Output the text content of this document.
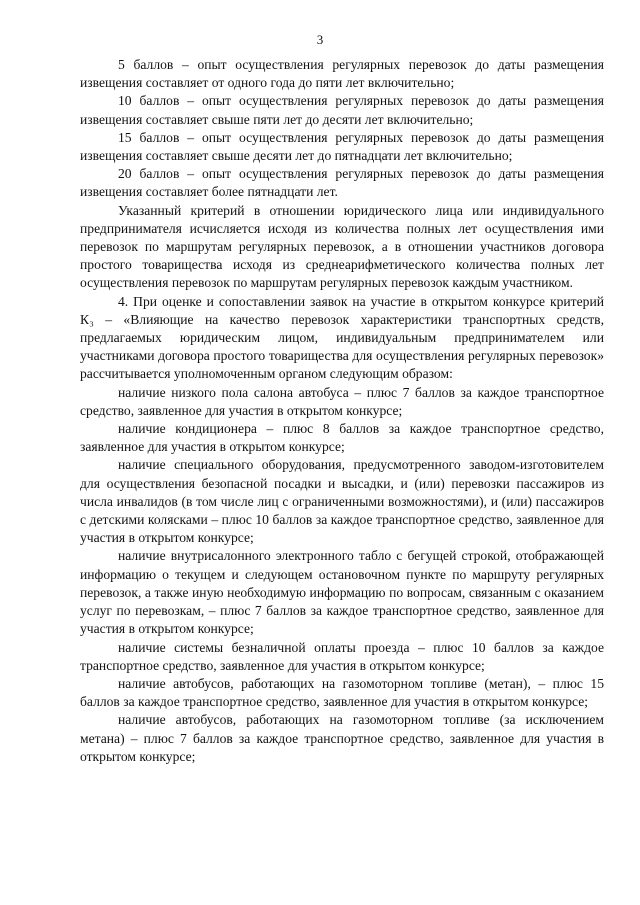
3

5 баллов – опыт осуществления регулярных перевозок до даты размещения извещения составляет от одного года до пяти лет включительно;

10 баллов – опыт осуществления регулярных перевозок до даты размещения извещения составляет свыше пяти лет до десяти лет включительно;

15 баллов – опыт осуществления регулярных перевозок до даты размещения извещения составляет свыше десяти лет до пятнадцати лет включительно;

20 баллов – опыт осуществления регулярных перевозок до даты размещения извещения составляет более пятнадцати лет.

Указанный критерий в отношении юридического лица или индивидуального предпринимателя исчисляется исходя из количества полных лет осуществления ими перевозок по маршрутам регулярных перевозок, а в отношении участников договора простого товарищества исходя из среднеарифметического количества полных лет осуществления перевозок по маршрутам регулярных перевозок каждым участником.

4. При оценке и сопоставлении заявок на участие в открытом конкурсе критерий К₃ – «Влияющие на качество перевозок характеристики транспортных средств, предлагаемых юридическим лицом, индивидуальным предпринимателем или участниками договора простого товарищества для осуществления регулярных перевозок» рассчитывается уполномоченным органом следующим образом:

наличие низкого пола салона автобуса – плюс 7 баллов за каждое транспортное средство, заявленное для участия в открытом конкурсе;

наличие кондиционера – плюс 8 баллов за каждое транспортное средство, заявленное для участия в открытом конкурсе;

наличие специального оборудования, предусмотренного заводом-изготовителем для осуществления безопасной посадки и высадки, и (или) перевозки пассажиров из числа инвалидов (в том числе лиц с ограниченными возможностями), и (или) пассажиров с детскими колясками – плюс 10 баллов за каждое транспортное средство, заявленное для участия в открытом конкурсе;

наличие внутрисалонного электронного табло с бегущей строкой, отображающей информацию о текущем и следующем остановочном пункте по маршруту регулярных перевозок, а также иную необходимую информацию по вопросам, связанным с оказанием услуг по перевозкам, – плюс 7 баллов за каждое транспортное средство, заявленное для участия в открытом конкурсе;

наличие системы безналичной оплаты проезда – плюс 10 баллов за каждое транспортное средство, заявленное для участия в открытом конкурсе;

наличие автобусов, работающих на газомоторном топливе (метан), – плюс 15 баллов за каждое транспортное средство, заявленное для участия в открытом конкурсе;

наличие автобусов, работающих на газомоторном топливе (за исключением метана) – плюс 7 баллов за каждое транспортное средство, заявленное для участия в открытом конкурсе;
